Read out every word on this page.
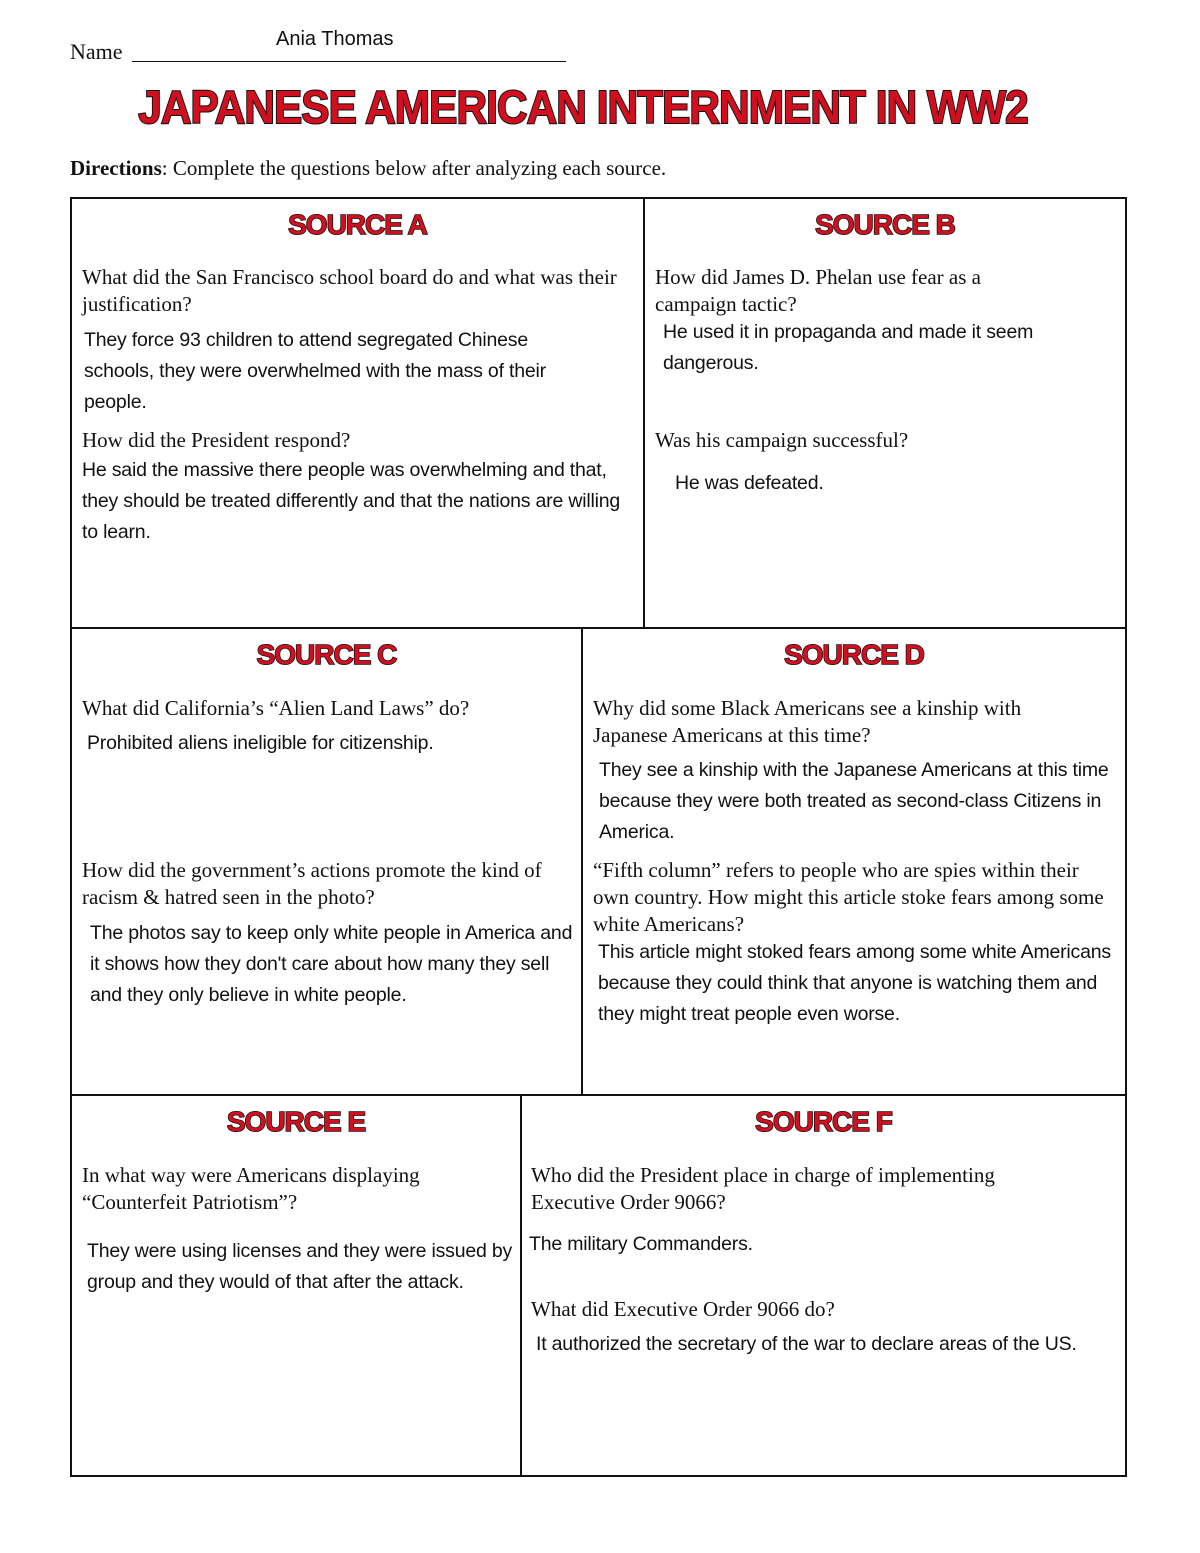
Name	Ania Thomas
JAPANESE AMERICAN INTERNMENT IN WW2
Directions: Complete the questions below after analyzing each source.
SOURCE A
What did the San Francisco school board do and what was their justification?
They force 93 children to attend segregated Chinese schools, they were overwhelmed with the mass of their people.
How did the President respond?
He said the massive there people was overwhelming and that, they should be treated differently and that the nations are willing to learn.
SOURCE B
How did James D. Phelan use fear as a campaign tactic?
He used it in propaganda and made it seem dangerous.
Was his campaign successful?
He was defeated.
SOURCE C
What did California’s “Alien Land Laws” do?
Prohibited aliens ineligible for citizenship.
How did the government’s actions promote the kind of racism & hatred seen in the photo?
The photos say to keep only white people in America and it shows how they don't care about how many they sell and they only believe in white people.
SOURCE D
Why did some Black Americans see a kinship with Japanese Americans at this time?
They see a kinship with the Japanese Americans at this time because they were both treated as second-class Citizens in America.
“Fifth column” refers to people who are spies within their own country. How might this article stoke fears among some white Americans?
This article might stoked fears among some white Americans because they could think that anyone is watching them and they might treat people even worse.
SOURCE E
In what way were Americans displaying “Counterfeit Patriotism”?
They were using licenses and they were issued by group and they would of that after the attack.
SOURCE F
Who did the President place in charge of implementing Executive Order 9066?
The military Commanders.
What did Executive Order 9066 do?
It authorized the secretary of the war to declare areas of the US.
